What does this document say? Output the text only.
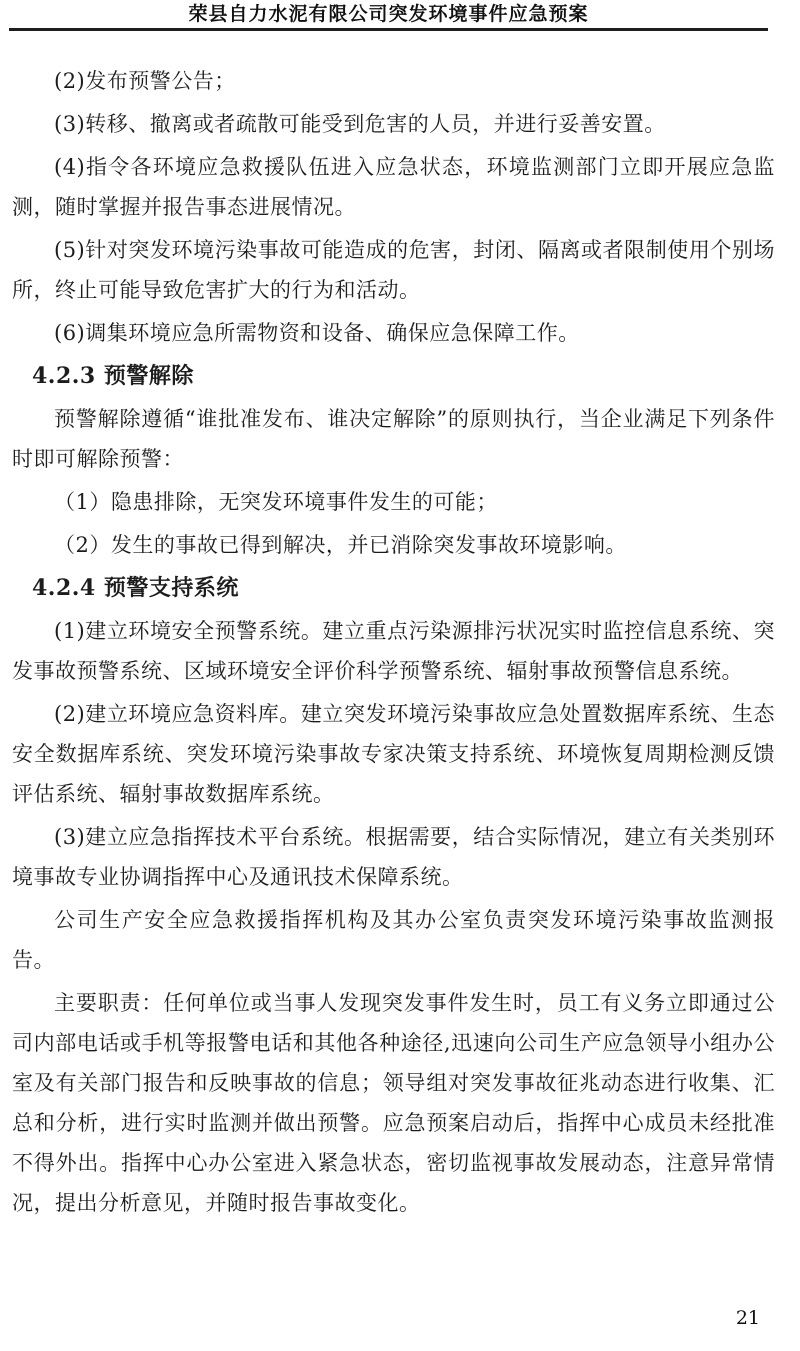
荣县自力水泥有限公司突发环境事件应急预案

(2)发布预警公告；

(3)转移、撤离或者疏散可能受到危害的人员，并进行妥善安置。

(4)指令各环境应急救援队伍进入应急状态，环境监测部门立即开展应急监测，随时掌握并报告事态进展情况。

(5)针对突发环境污染事故可能造成的危害，封闭、隔离或者限制使用个别场所，终止可能导致危害扩大的行为和活动。

(6)调集环境应急所需物资和设备、确保应急保障工作。

4.2.3 预警解除

预警解除遵循“谁批准发布、谁决定解除”的原则执行，当企业满足下列条件时即可解除预警：

（1）隐患排除，无突发环境事件发生的可能；

（2）发生的事故已得到解决，并已消除突发事故环境影响。

4.2.4 预警支持系统

(1)建立环境安全预警系统。建立重点污染源排污状况实时监控信息系统、突发事故预警系统、区域环境安全评价科学预警系统、辐射事故预警信息系统。

(2)建立环境应急资料库。建立突发环境污染事故应急处置数据库系统、生态安全数据库系统、突发环境污染事故专家决策支持系统、环境恢复周期检测反馈评估系统、辐射事故数据库系统。

(3)建立应急指挥技术平台系统。根据需要，结合实际情况，建立有关类别环境事故专业协调指挥中心及通讯技术保障系统。

公司生产安全应急救援指挥机构及其办公室负责突发环境污染事故监测报告。

主要职责：任何单位或当事人发现突发事件发生时，员工有义务立即通过公司内部电话或手机等报警电话和其他各种途径,迅速向公司生产应急领导小组办公室及有关部门报告和反映事故的信息；领导组对突发事故征兆动态进行收集、汇总和分析，进行实时监测并做出预警。应急预案启动后，指挥中心成员未经批准不得外出。指挥中心办公室进入紧急状态，密切监视事故发展动态，注意异常情况，提出分析意见，并随时报告事故变化。

21
